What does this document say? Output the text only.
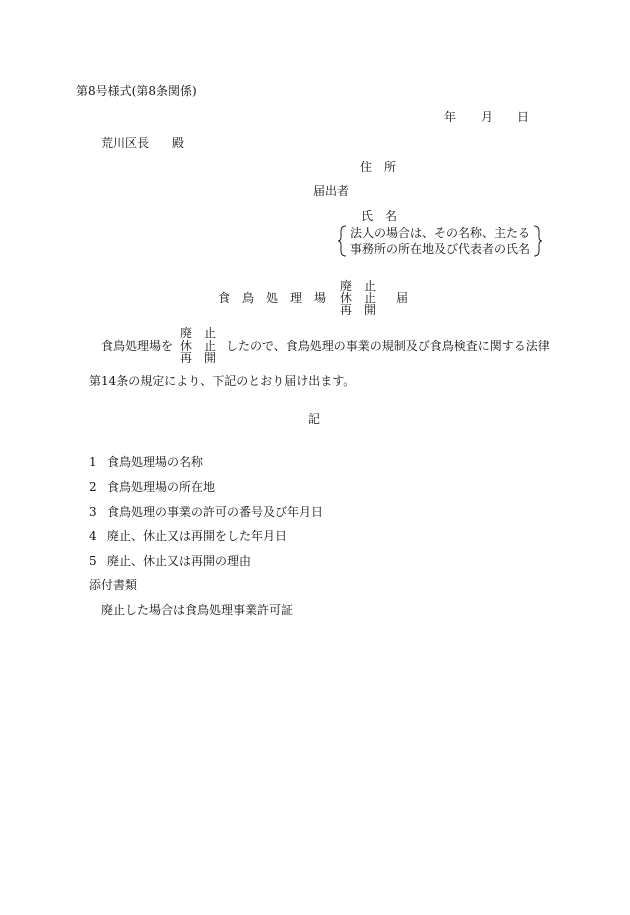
第8号様式(第8条関係)
年 月 日
荒川区長 殿
住　所
届出者
氏　名
法人の場合は、その名称、主たる
事務所の所在地及び代表者の氏名
廃　止
食　鳥　処　理　場 休　止 届
再　開
廃　止
食鳥処理場を 休　止 したので、食鳥処理の事業の規制及び食鳥検査に関する法律
再　開
第14条の規定により、下記のとおり届け出ます。
記
1 食鳥処理場の名称
2 食鳥処理場の所在地
3 食鳥処理の事業の許可の番号及び年月日
4 廃止、休止又は再開をした年月日
5 廃止、休止又は再開の理由
添付書類
廃止した場合は食鳥処理事業許可証
